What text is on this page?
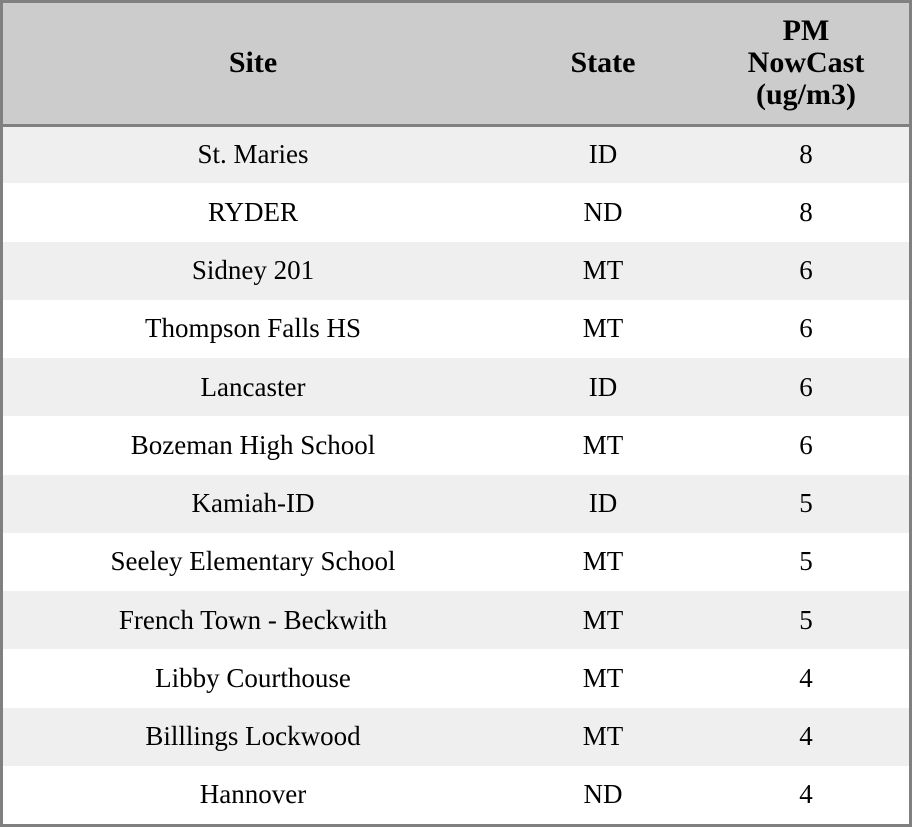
Site	State	PM
NowCast
(ug/m3)

St. Maries	ID	8
RYDER	ND	8
Sidney 201	MT	6
Thompson Falls HS	MT	6
Lancaster	ID	6
Bozeman High School	MT	6
Kamiah-ID	ID	5
Seeley Elementary School	MT	5
French Town - Beckwith	MT	5
Libby Courthouse	MT	4
Billlings Lockwood	MT	4
Hannover	ND	4
